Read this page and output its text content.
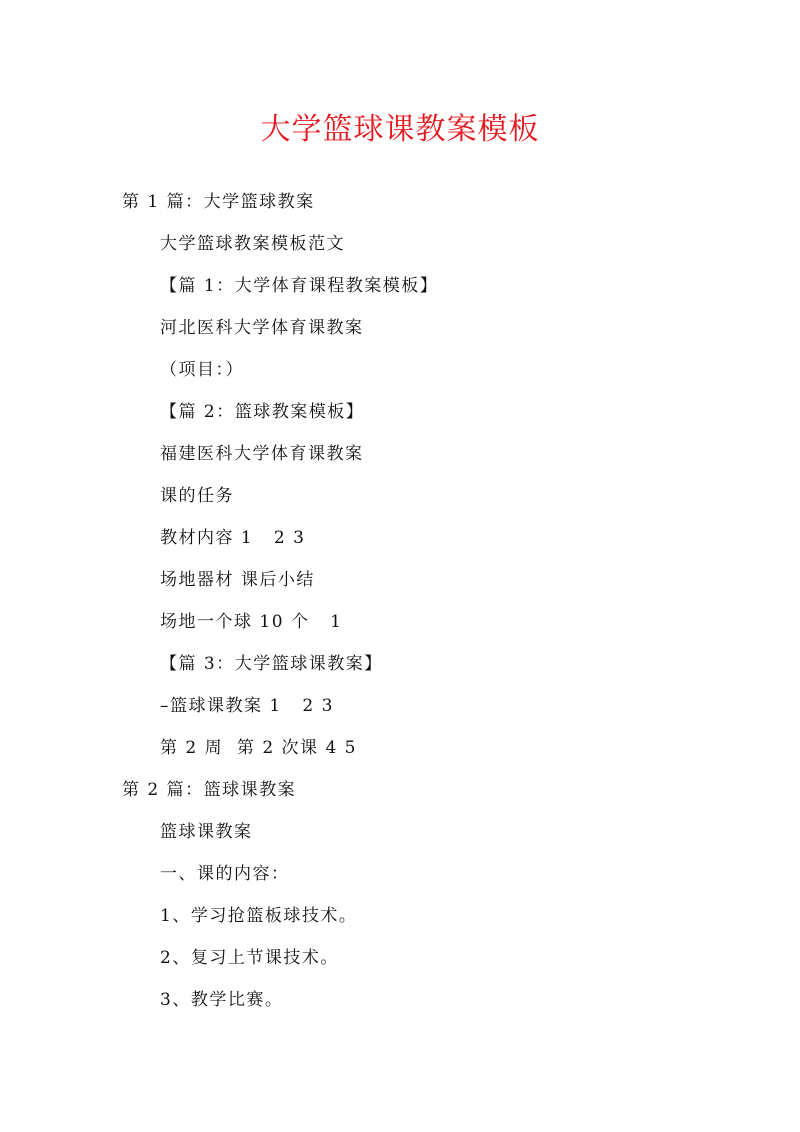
大学篮球课教案模板
第 1 篇：大学篮球教案
大学篮球教案模板范文
【篇 1：大学体育课程教案模板】
河北医科大学体育课教案
（项目：）
【篇 2：篮球教案模板】
福建医科大学体育课教案
课的任务
教材内容 1   2 3
场地器材 课后小结
场地一个球 10 个   1
【篇 3：大学篮球课教案】
–篮球课教案 1   2 3
第 2 周  第 2 次课 4 5
第 2 篇：篮球课教案
篮球课教案
一、课的内容：
1、学习抢篮板球技术。
2、复习上节课技术。
3、教学比赛。
